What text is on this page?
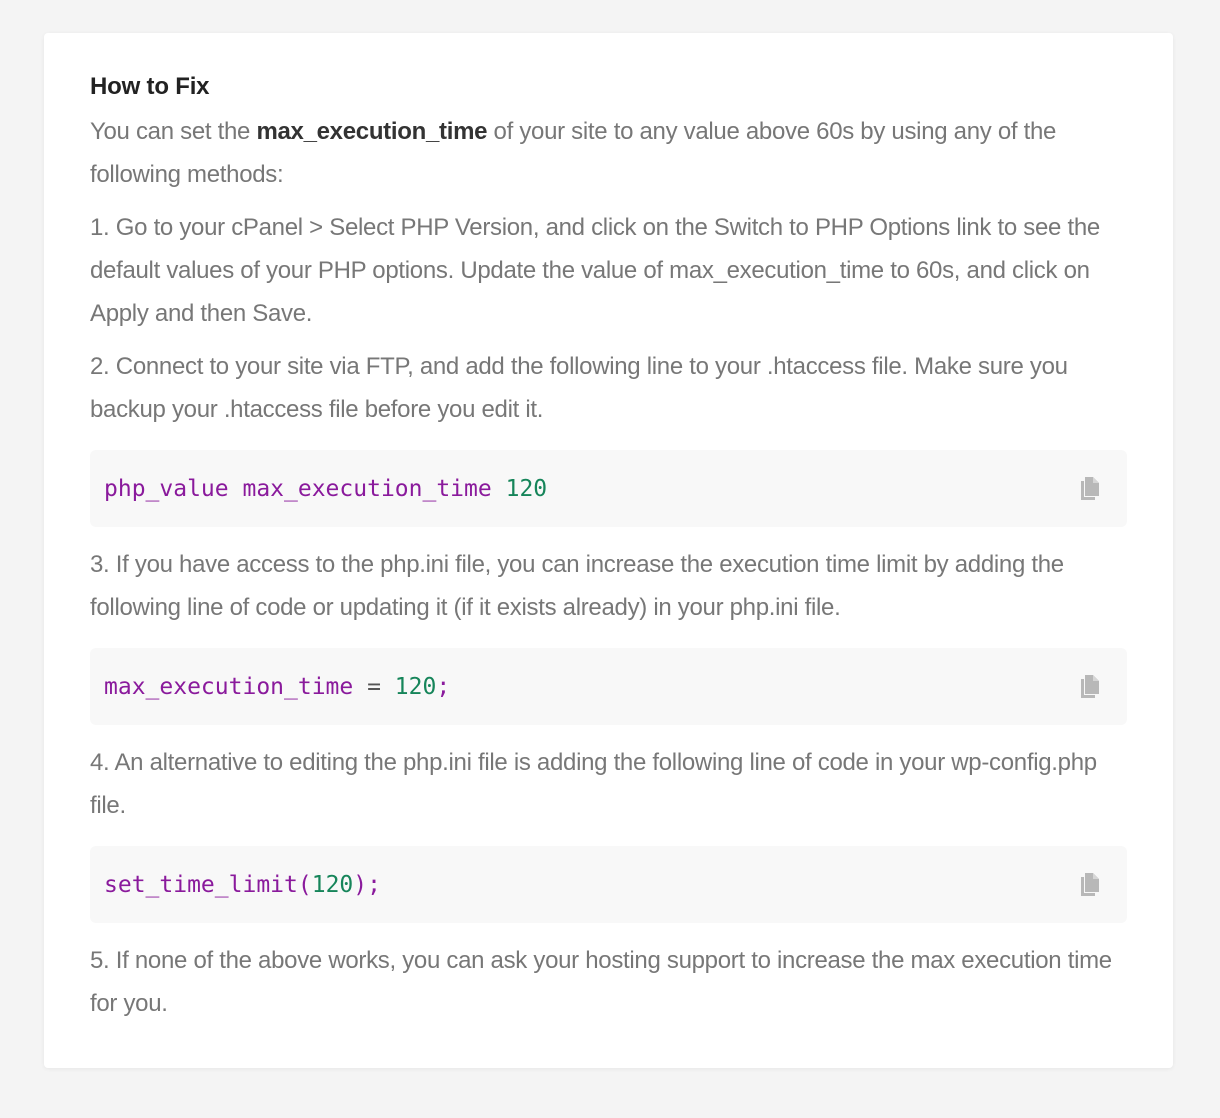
How to Fix

You can set the max_execution_time of your site to any value above 60s by using any of the following methods:

1. Go to your cPanel > Select PHP Version, and click on the Switch to PHP Options link to see the default values of your PHP options. Update the value of max_execution_time to 60s, and click on Apply and then Save.

2. Connect to your site via FTP, and add the following line to your .htaccess file. Make sure you backup your .htaccess file before you edit it.

php_value max_execution_time 120

3. If you have access to the php.ini file, you can increase the execution time limit by adding the following line of code or updating it (if it exists already) in your php.ini file.

max_execution_time = 120;

4. An alternative to editing the php.ini file is adding the following line of code in your wp-config.php file.

set_time_limit(120);

5. If none of the above works, you can ask your hosting support to increase the max execution time for you.
